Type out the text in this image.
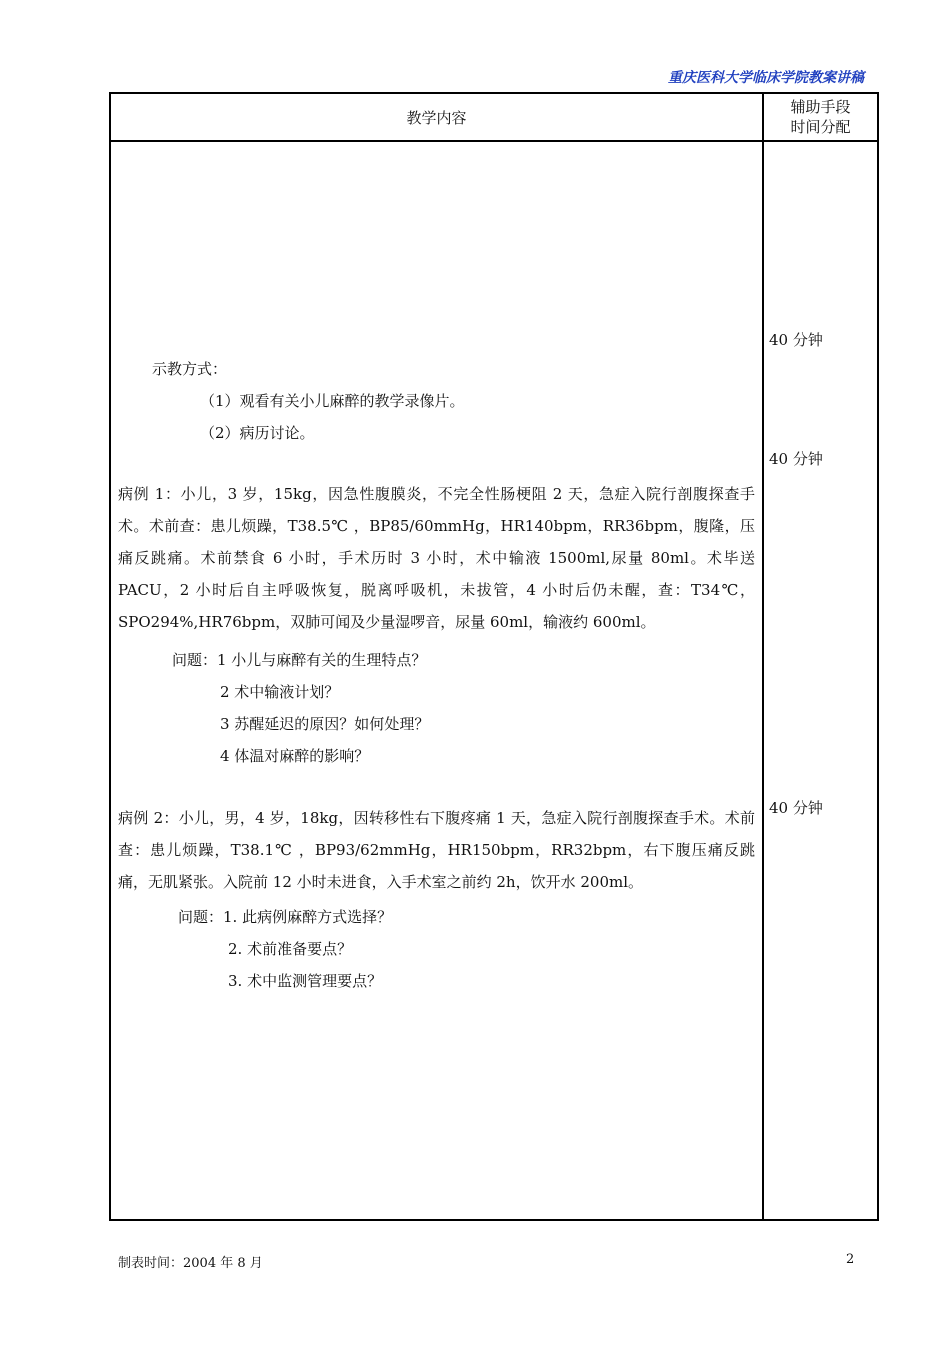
重庆医科大学临床学院教案讲稿
教学内容
辅助手段
时间分配
40 分钟
40 分钟
40 分钟
示教方式：
（1）观看有关小儿麻醉的教学录像片。
（2）病历讨论。
病例 1：小儿，3 岁，15kg，因急性腹膜炎，不完全性肠梗阻 2 天，急症入院行剖腹探查手术。术前查：患儿烦躁，T38.5℃ ，BP85/60mmHg，HR140bpm，RR36bpm，腹隆，压痛反跳痛。术前禁食 6 小时，手术历时 3 小时，术中输液 1500ml,尿量 80ml。术毕送PACU，2 小时后自主呼吸恢复，脱离呼吸机，未拔管，4 小时后仍未醒，查：T34℃，SPO294%,HR76bpm，双肺可闻及少量湿啰音，尿量 60ml，输液约 600ml。
问题：1 小儿与麻醉有关的生理特点？
2 术中输液计划？
3 苏醒延迟的原因？如何处理？
4 体温对麻醉的影响？
病例 2：小儿，男，4 岁，18kg，因转移性右下腹疼痛 1 天，急症入院行剖腹探查手术。术前查：患儿烦躁，T38.1℃ ，BP93/62mmHg，HR150bpm，RR32bpm，右下腹压痛反跳痛，无肌紧张。入院前 12 小时未进食，入手术室之前约 2h，饮开水 200ml。
问题：1. 此病例麻醉方式选择？
2. 术前准备要点？
3. 术中监测管理要点？
制表时间：2004 年 8 月	2
